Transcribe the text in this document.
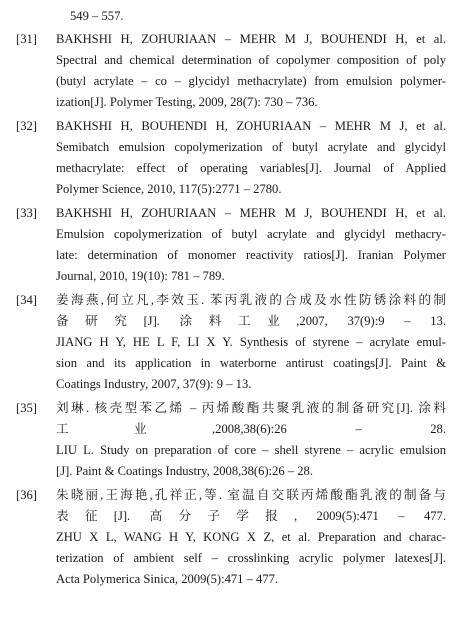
549 – 557.
[31]	BAKHSHI H, ZOHURIAAN – MEHR M J, BOUHENDI H, et al.
Spectral and chemical determination of copolymer composition of poly
(butyl acrylate – co – glycidyl methacrylate) from emulsion polymer-
ization[J]. Polymer Testing, 2009, 28(7): 730 – 736.
[32]	BAKHSHI H, BOUHENDI H, ZOHURIAAN – MEHR M J, et al.
Semibatch emulsion copolymerization of butyl acrylate and glycidyl
methacrylate: effect of operating variables[J]. Journal of Applied
Polymer Science, 2010, 117(5):2771 – 2780.
[33]	BAKHSHI H, ZOHURIAAN – MEHR M J, BOUHENDI H, et al.
Emulsion copolymerization of butyl acrylate and glycidyl methacry-
late: determination of monomer reactivity ratios[J]. Iranian Polymer
Journal, 2010, 19(10): 781 – 789.
[34]	姜海燕,何立凡,李效玉. 苯丙乳液的合成及水性防锈涂料的制
备研究[J]. 涂料工业,2007, 37(9):9 – 13.
JIANG H Y, HE L F, LI X Y. Synthesis of styrene – acrylate emul-
sion and its application in waterborne antirust coatings[J]. Paint &
Coatings Industry, 2007, 37(9): 9 – 13.
[35]	刘琳. 核壳型苯乙烯 – 丙烯酸酯共聚乳液的制备研究[J]. 涂料
工业,2008,38(6):26 – 28.
LIU L. Study on preparation of core – shell styrene – acrylic emulsion
[J]. Paint & Coatings Industry, 2008,38(6):26 – 28.
[36]	朱晓丽,王海艳,孔祥正,等. 室温自交联丙烯酸酯乳液的制备与
表征[J]. 高分子学报, 2009(5):471 – 477.
ZHU X L, WANG H Y, KONG X Z, et al. Preparation and charac-
terization of ambient self – crosslinking acrylic polymer latexes[J].
Acta Polymerica Sinica, 2009(5):471 – 477.
